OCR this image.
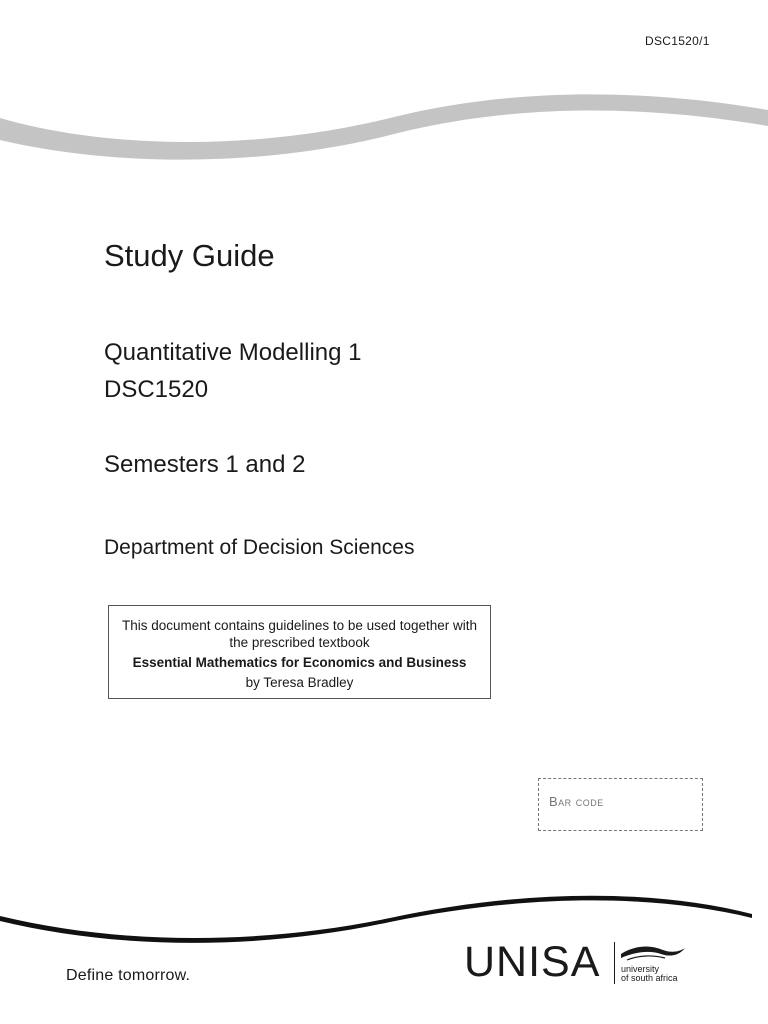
DSC1520/1
Study Guide
Quantitative Modelling 1
DSC1520
Semesters 1 and 2
Department of Decision Sciences
This document contains guidelines to be used together with
the prescribed textbook
Essential Mathematics for Economics and Business
by Teresa Bradley
Bar code
Define tomorrow.	UNISA university
of south africa
